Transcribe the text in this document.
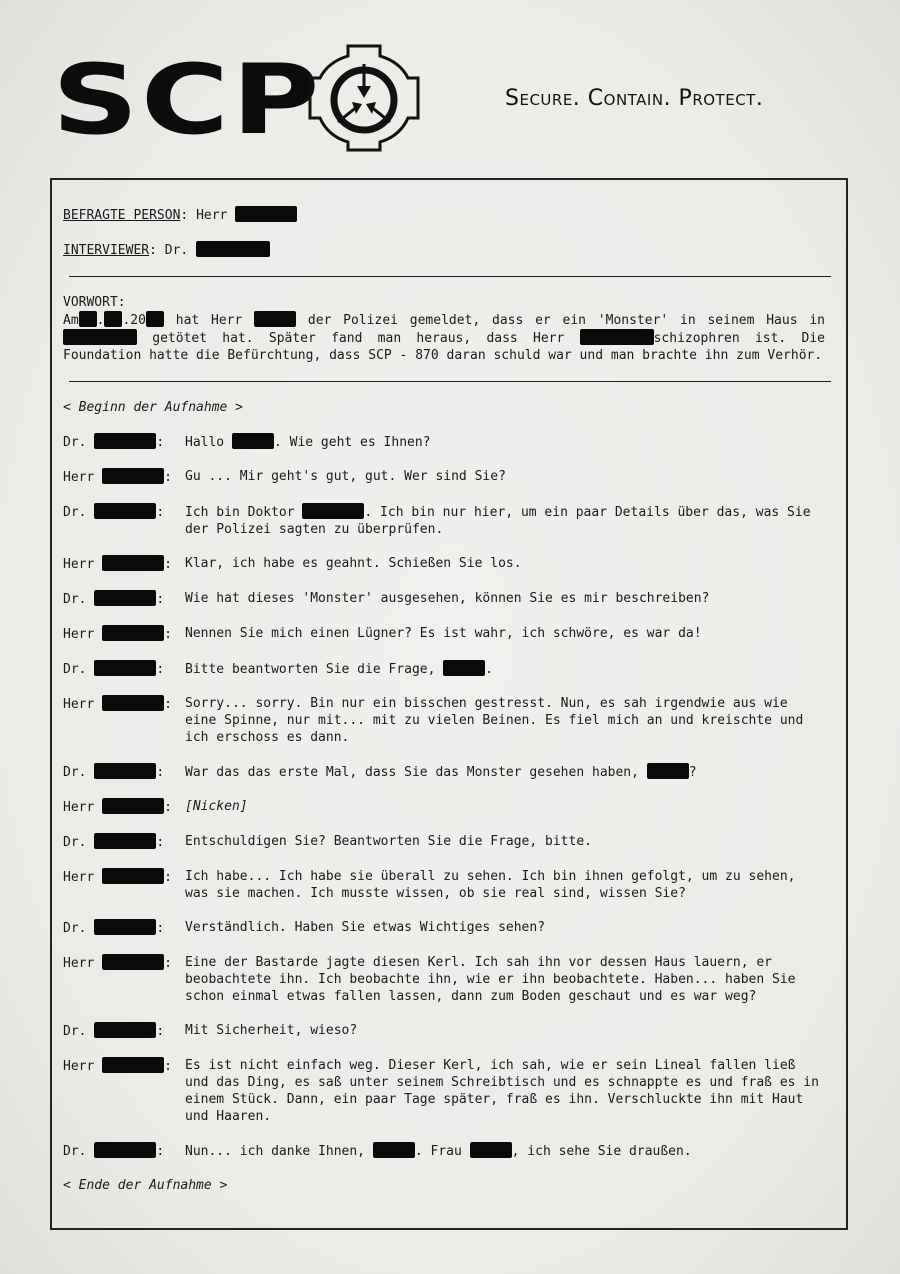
SCP	Secure. Contain. Protect.
BEFRAGTE PERSON: Herr
INTERVIEWER: Dr.
VORWORT:
Am . .20 hat Herr	der Polizei gemeldet, dass er ein 'Monster' in seinem Haus in  getötet hat. Später fand man heraus, dass Herr	schizophren ist. Die Foundation hatte die Befürchtung, dass SCP - 870 daran schuld war und man brachte ihn zum Verhör.
< Beginn der Aufnahme >
Dr.	:	Hallo	. Wie geht es Ihnen?
Herr	:	Gu ... Mir geht's gut, gut. Wer sind Sie?
Dr.	:	Ich bin Doktor	. Ich bin nur hier, um ein paar Details über das, was Sie der Polizei sagten zu überprüfen.
Herr	:	Klar, ich habe es geahnt. Schießen Sie los.
Dr.	:	Wie hat dieses 'Monster' ausgesehen, können Sie es mir beschreiben?
Herr	:	Nennen Sie mich einen Lügner? Es ist wahr, ich schwöre, es war da!
Dr.	:	Bitte beantworten Sie die Frage,	.
Herr	:	Sorry... sorry. Bin nur ein bisschen gestresst. Nun, es sah irgendwie aus wie eine Spinne, nur mit... mit zu vielen Beinen. Es fiel mich an und kreischte und ich erschoss es dann.
Dr.	:	War das das erste Mal, dass Sie das Monster gesehen haben,	?
Herr	:	[Nicken]
Dr.	:	Entschuldigen Sie? Beantworten Sie die Frage, bitte.
Herr	:	Ich habe... Ich habe sie überall zu sehen. Ich bin ihnen gefolgt, um zu sehen, was sie machen. Ich musste wissen, ob sie real sind, wissen Sie?
Dr.	:	Verständlich. Haben Sie etwas Wichtiges sehen?
Herr	:	Eine der Bastarde jagte diesen Kerl. Ich sah ihn vor dessen Haus lauern, er beobachtete ihn. Ich beobachte ihn, wie er ihn beobachtete. Haben... haben Sie schon einmal etwas fallen lassen, dann zum Boden geschaut und es war weg?
Dr.	:	Mit Sicherheit, wieso?
Herr	:	Es ist nicht einfach weg. Dieser Kerl, ich sah, wie er sein Lineal fallen ließ und das Ding, es saß unter seinem Schreibtisch und es schnappte es und fraß es in einem Stück. Dann, ein paar Tage später, fraß es ihn. Verschluckte ihn mit Haut und Haaren.
Dr.	:	Nun... ich danke Ihnen,	. Frau	, ich sehe Sie draußen.
< Ende der Aufnahme >
